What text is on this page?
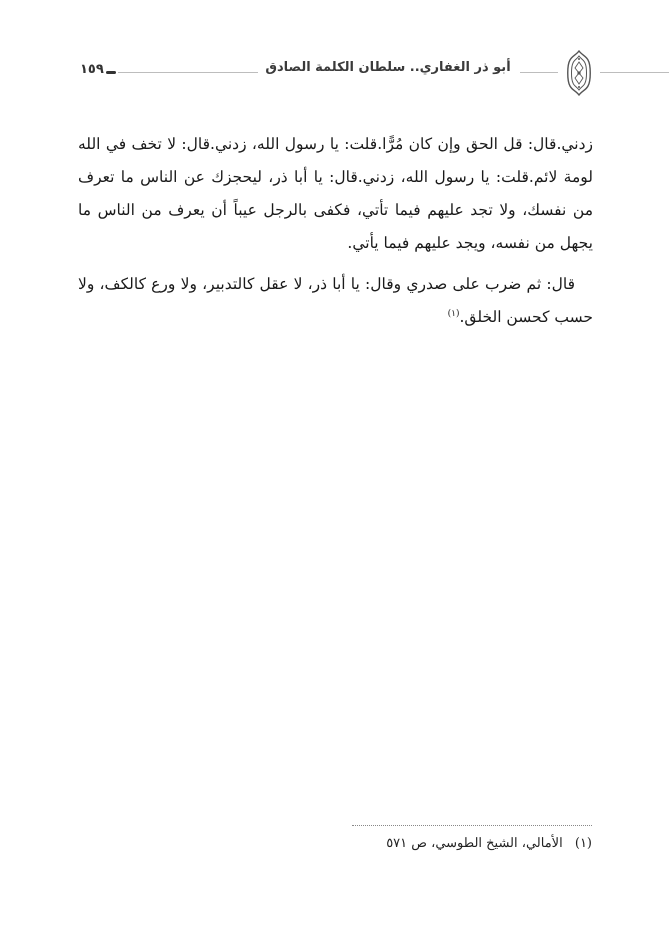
١٥٩	أبو ذر الغفاري.. سلطان الكلمة الصادق

زدني.قال: قل الحق وإن كان مُرًّا.قلت: يا رسول الله، زدني.قال: لا تخف في الله لومة لائم.قلت: يا رسول الله، زدني.قال: يا أبا ذر، ليحجزك عن الناس ما تعرف من نفسك، ولا تجد عليهم فيما تأتي، فكفى بالرجل عيباً أن يعرف من الناس ما يجهل من نفسه، ويجد عليهم فيما يأتي.

قال: ثم ضرب على صدري وقال: يا أبا ذر، لا عقل كالتدبير، ولا ورع كالكف، ولا حسب كحسن الخلق.$^{(١)}$

(١) الأمالي، الشيخ الطوسي، ص ٥٧١
